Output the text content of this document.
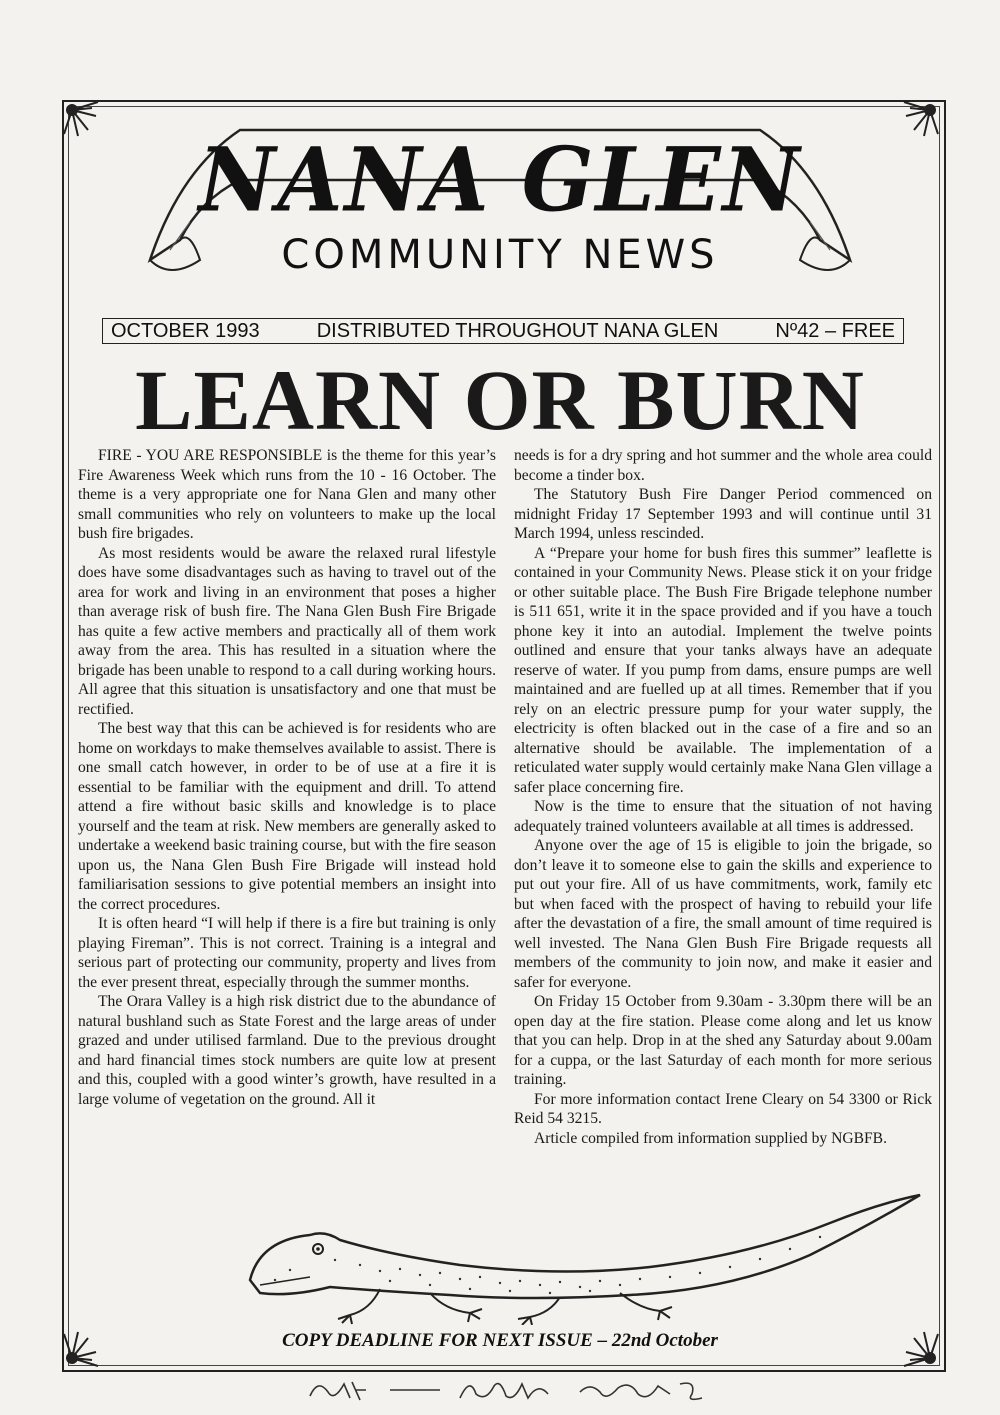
NANA GLEN
COMMUNITY NEWS
OCTOBER 1993	DISTRIBUTED THROUGHOUT NANA GLEN	Nº42 – FREE
LEARN OR BURN

FIRE - YOU ARE RESPONSIBLE is the theme for this year’s Fire Awareness Week which runs from the 10 - 16 October. The theme is a very appropriate one for Nana Glen and many other small communities who rely on volunteers to make up the local bush fire brigades.

As most residents would be aware the relaxed rural lifestyle does have some disadvantages such as having to travel out of the area for work and living in an environment that poses a higher than average risk of bush fire. The Nana Glen Bush Fire Brigade has quite a few active members and practically all of them work away from the area. This has resulted in a situation where the brigade has been unable to respond to a call during working hours. All agree that this situation is unsatisfactory and one that must be rectified.

The best way that this can be achieved is for residents who are home on workdays to make themselves available to assist. There is one small catch however, in order to be of use at a fire it is essential to be familiar with the equipment and drill. To attend attend a fire without basic skills and knowledge is to place yourself and the team at risk. New members are generally asked to undertake a weekend basic training course, but with the fire season upon us, the Nana Glen Bush Fire Brigade will instead hold familiarisation sessions to give potential members an insight into the correct procedures.

It is often heard “I will help if there is a fire but training is only playing Fireman”. This is not correct. Training is a integral and serious part of protecting our community, property and lives from the ever present threat, especially through the summer months.

The Orara Valley is a high risk district due to the abundance of natural bushland such as State Forest and the large areas of under grazed and under utilised farmland. Due to the previous drought and hard financial times stock numbers are quite low at present and this, coupled with a good winter’s growth, have resulted in a large volume of vegetation on the ground. All it

needs is for a dry spring and hot summer and the whole area could become a tinder box.

The Statutory Bush Fire Danger Period commenced on midnight Friday 17 September 1993 and will continue until 31 March 1994, unless rescinded.

A “Prepare your home for bush fires this summer” leaflette is contained in your Community News. Please stick it on your fridge or other suitable place. The Bush Fire Brigade telephone number is 511 651, write it in the space provided and if you have a touch phone key it into an autodial. Implement the twelve points outlined and ensure that your tanks always have an adequate reserve of water. If you pump from dams, ensure pumps are well maintained and are fuelled up at all times. Remember that if you rely on an electric pressure pump for your water supply, the electricity is often blacked out in the case of a fire and so an alternative should be available. The implementation of a reticulated water supply would certainly make Nana Glen village a safer place concerning fire.

Now is the time to ensure that the situation of not having adequately trained volunteers available at all times is addressed.

Anyone over the age of 15 is eligible to join the brigade, so don’t leave it to someone else to gain the skills and experience to put out your fire. All of us have commitments, work, family etc but when faced with the prospect of having to rebuild your life after the devastation of a fire, the small amount of time required is well invested. The Nana Glen Bush Fire Brigade requests all members of the community to join now, and make it easier and safer for everyone.

On Friday 15 October from 9.30am - 3.30pm there will be an open day at the fire station. Please come along and let us know that you can help. Drop in at the shed any Saturday about 9.00am for a cuppa, or the last Saturday of each month for more serious training.

For more information contact Irene Cleary on 54 3300 or Rick Reid 54 3215.

Article compiled from information supplied by NGBFB.

COPY DEADLINE FOR NEXT ISSUE – 22nd October
